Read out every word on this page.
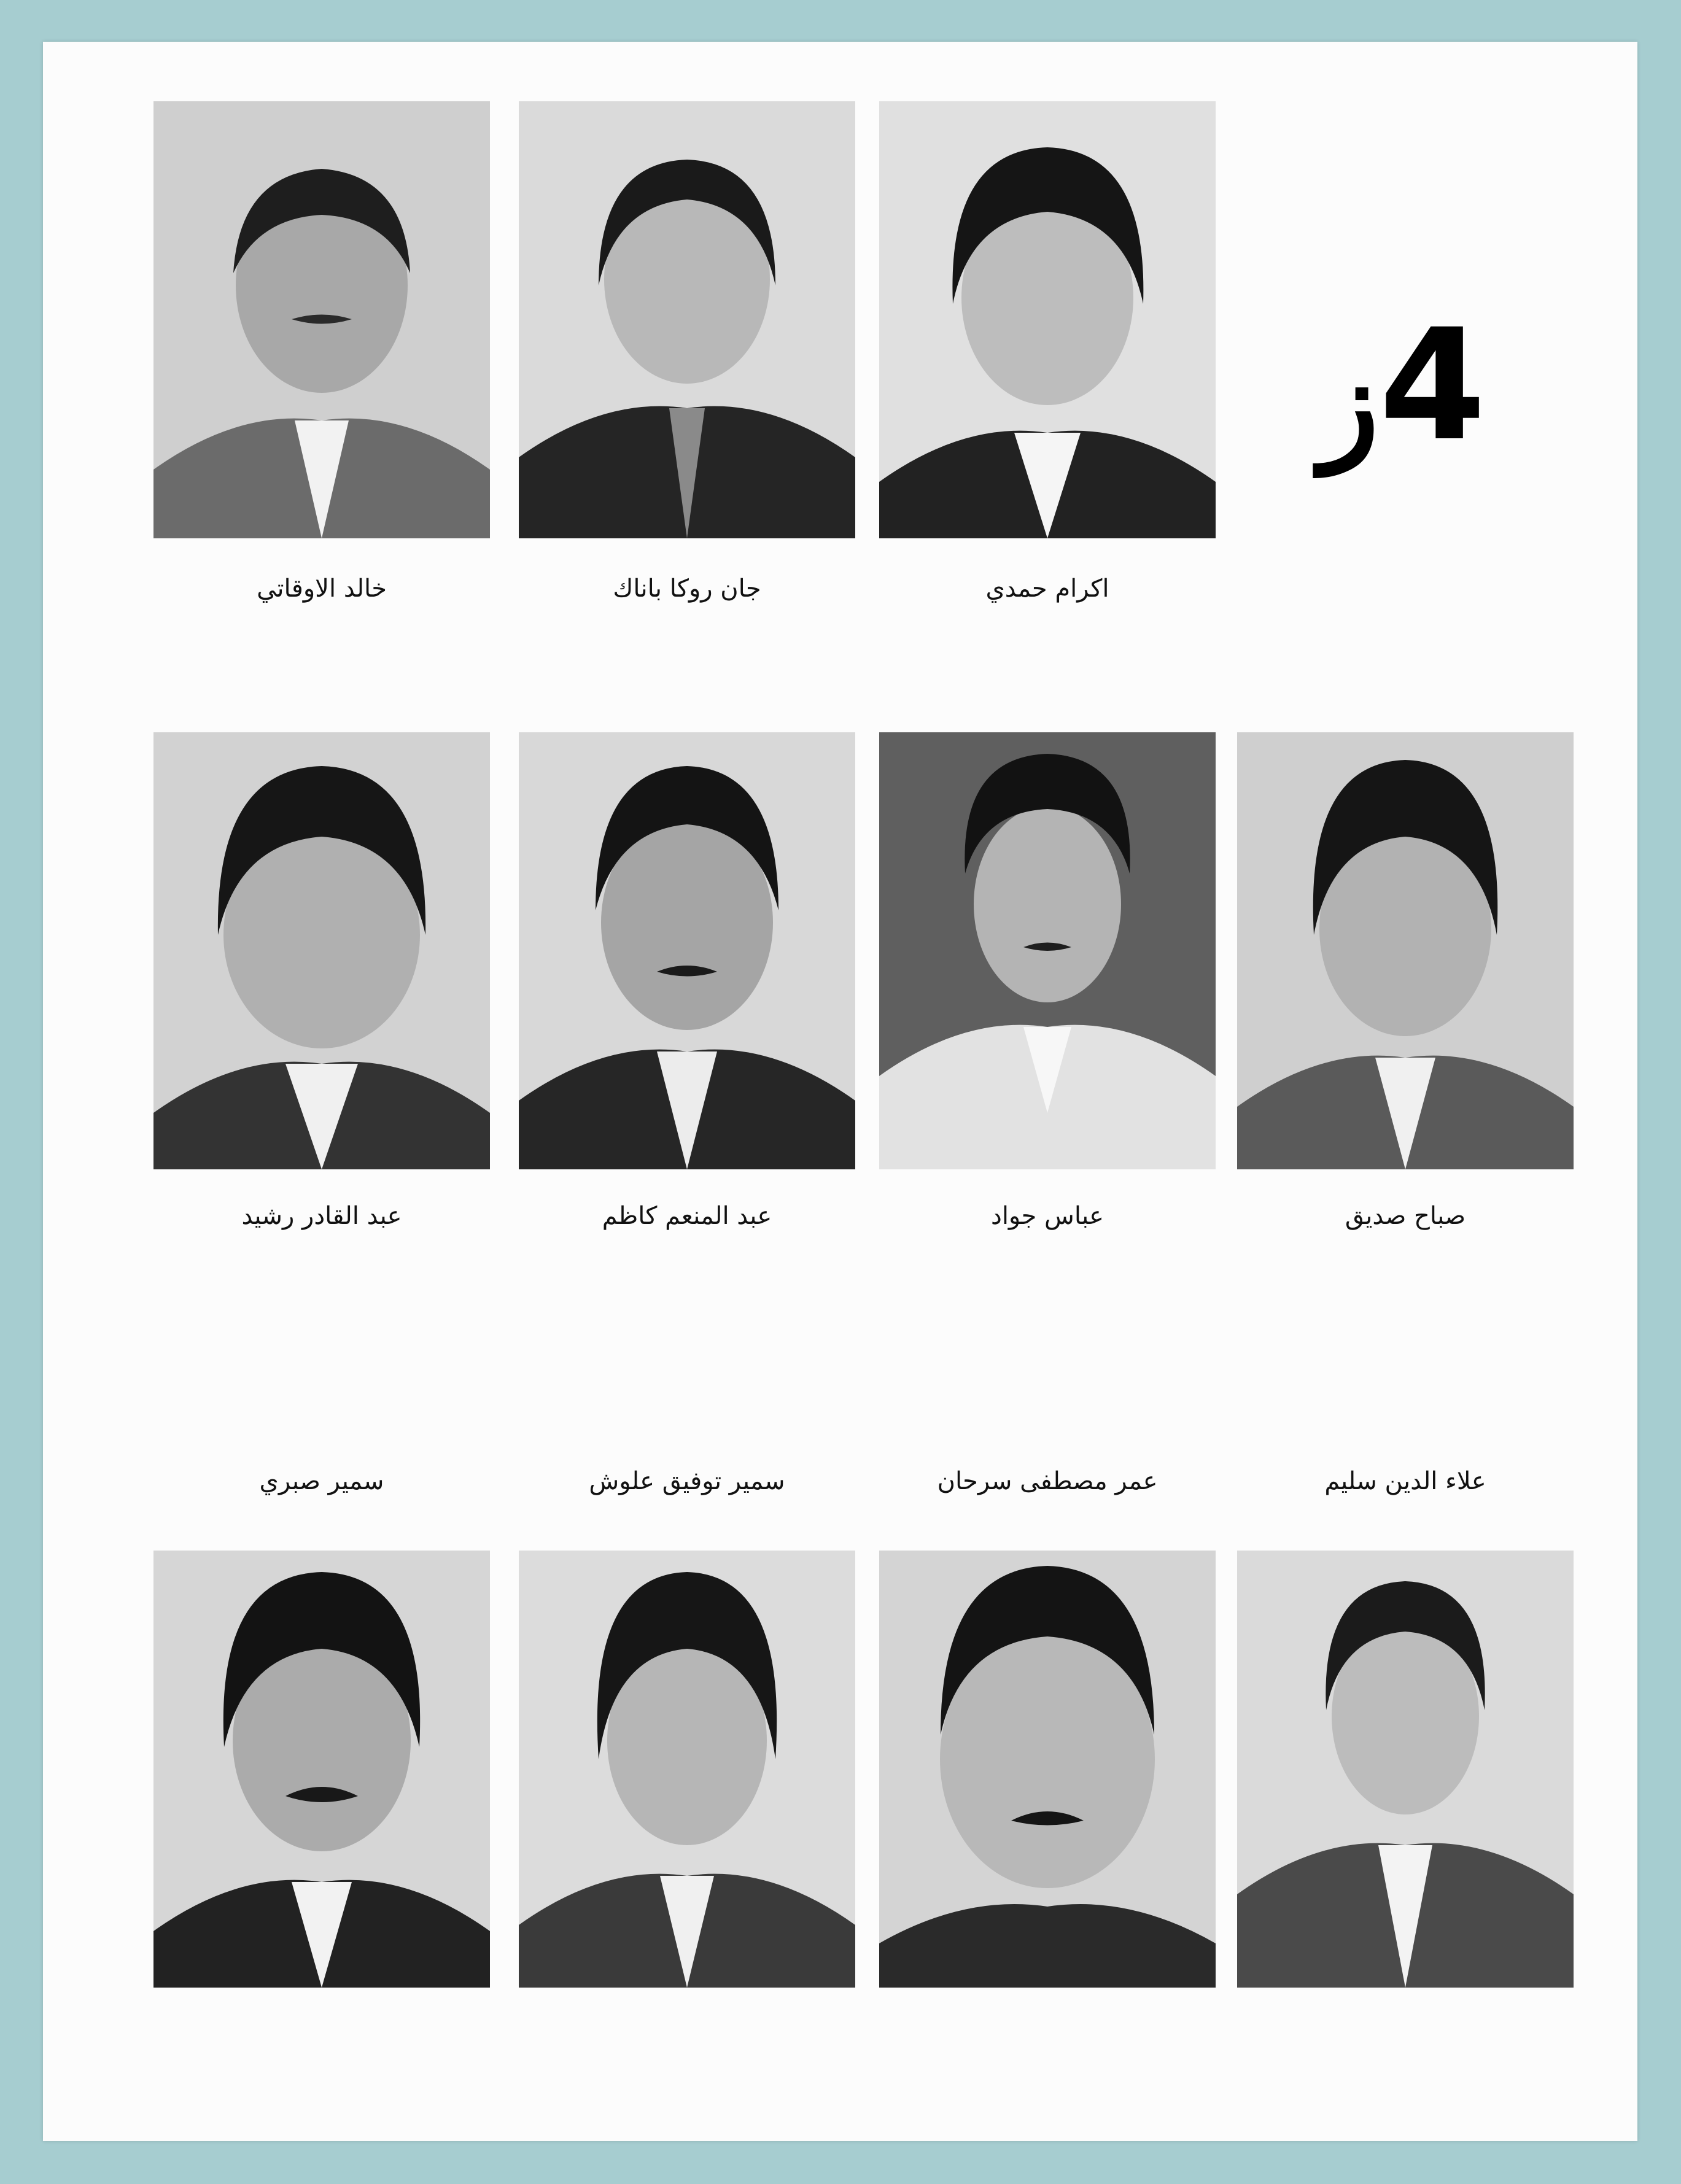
4
ز
خالد الاوقاتي	جان روكا باناك	اكرام حمدي
عبد القادر رشيد	عبد المنعم كاظم	عباس جواد	صباح صديق
سمير صبري	سمير توفيق علوش	عمر مصطفى سرحان	علاء الدين سليم
